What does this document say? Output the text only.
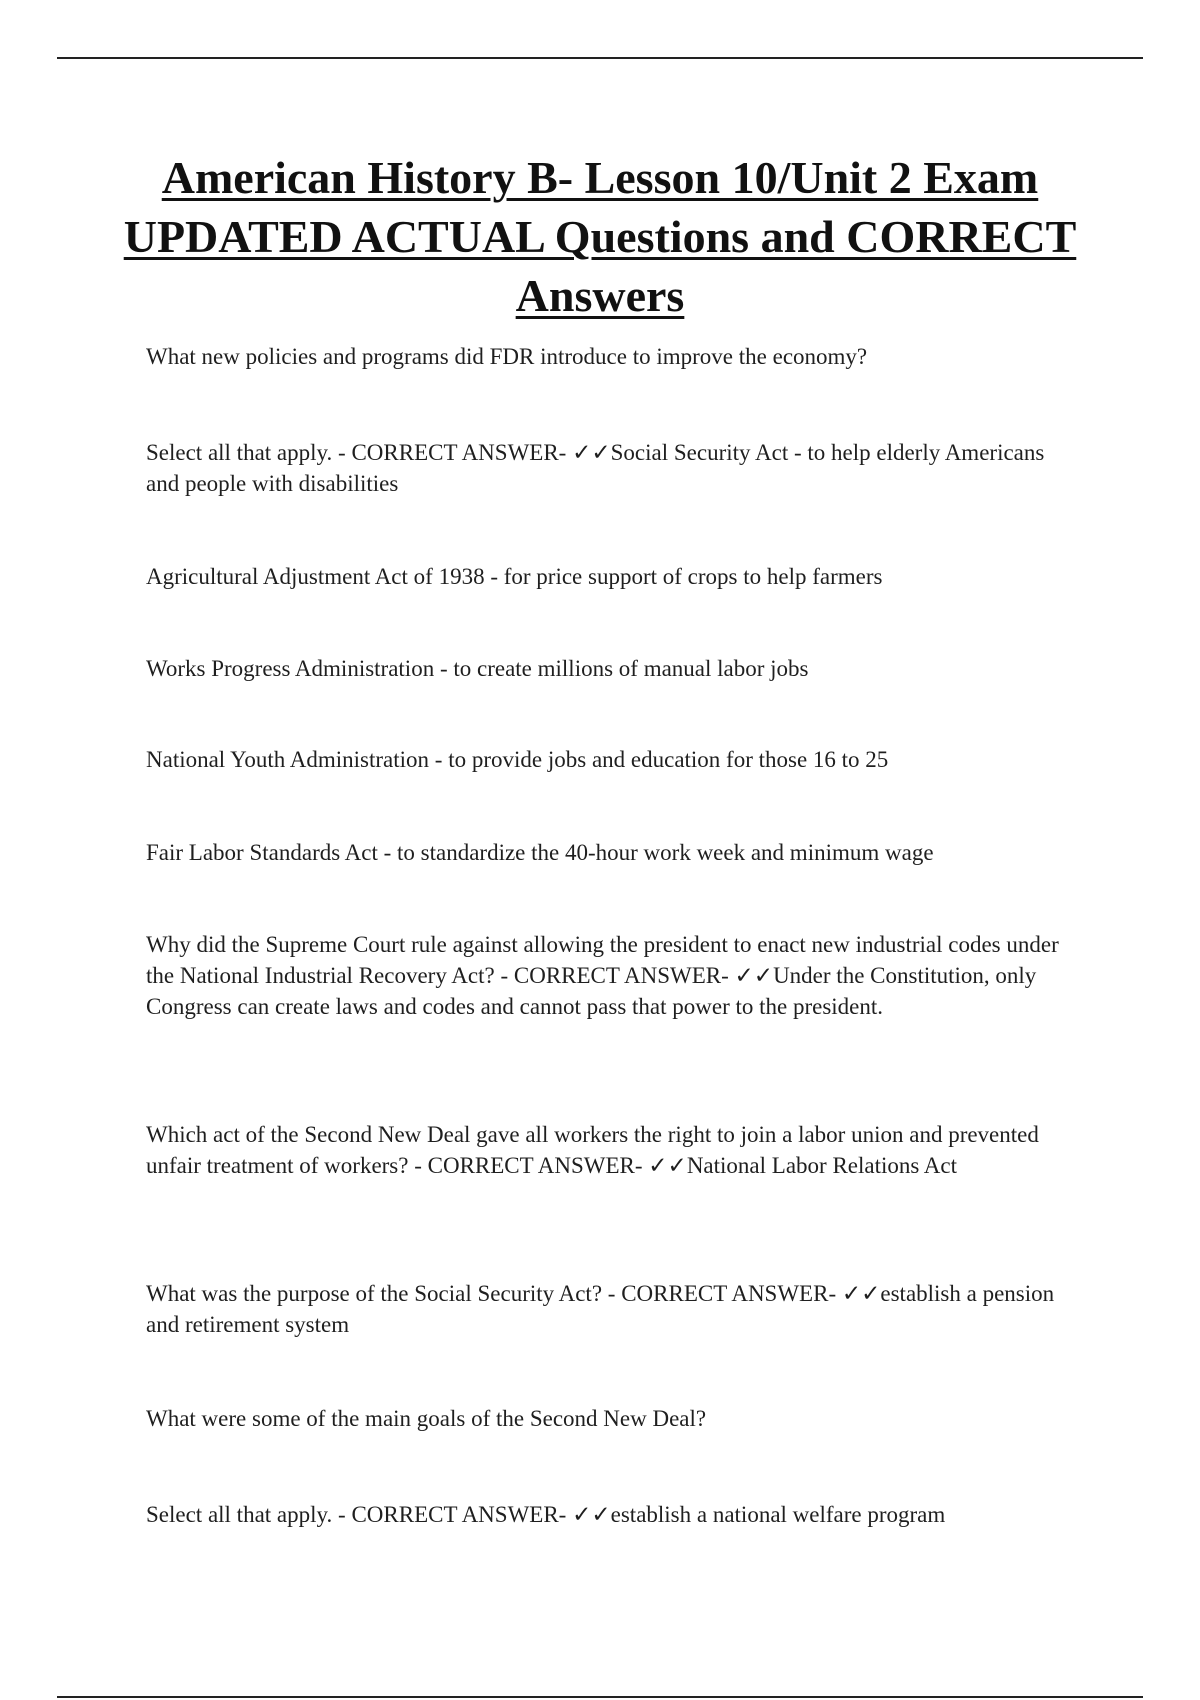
American History B- Lesson 10/Unit 2 Exam UPDATED ACTUAL Questions and CORRECT Answers

What new policies and programs did FDR introduce to improve the economy?

Select all that apply. - CORRECT ANSWER- ✓✓Social Security Act - to help elderly Americans and people with disabilities

Agricultural Adjustment Act of 1938 - for price support of crops to help farmers

Works Progress Administration - to create millions of manual labor jobs

National Youth Administration - to provide jobs and education for those 16 to 25

Fair Labor Standards Act - to standardize the 40-hour work week and minimum wage

Why did the Supreme Court rule against allowing the president to enact new industrial codes under the National Industrial Recovery Act? - CORRECT ANSWER- ✓✓Under the Constitution, only Congress can create laws and codes and cannot pass that power to the president.

Which act of the Second New Deal gave all workers the right to join a labor union and prevented unfair treatment of workers? - CORRECT ANSWER- ✓✓National Labor Relations Act

What was the purpose of the Social Security Act? - CORRECT ANSWER- ✓✓establish a pension and retirement system

What were some of the main goals of the Second New Deal?

Select all that apply. - CORRECT ANSWER- ✓✓establish a national welfare program
